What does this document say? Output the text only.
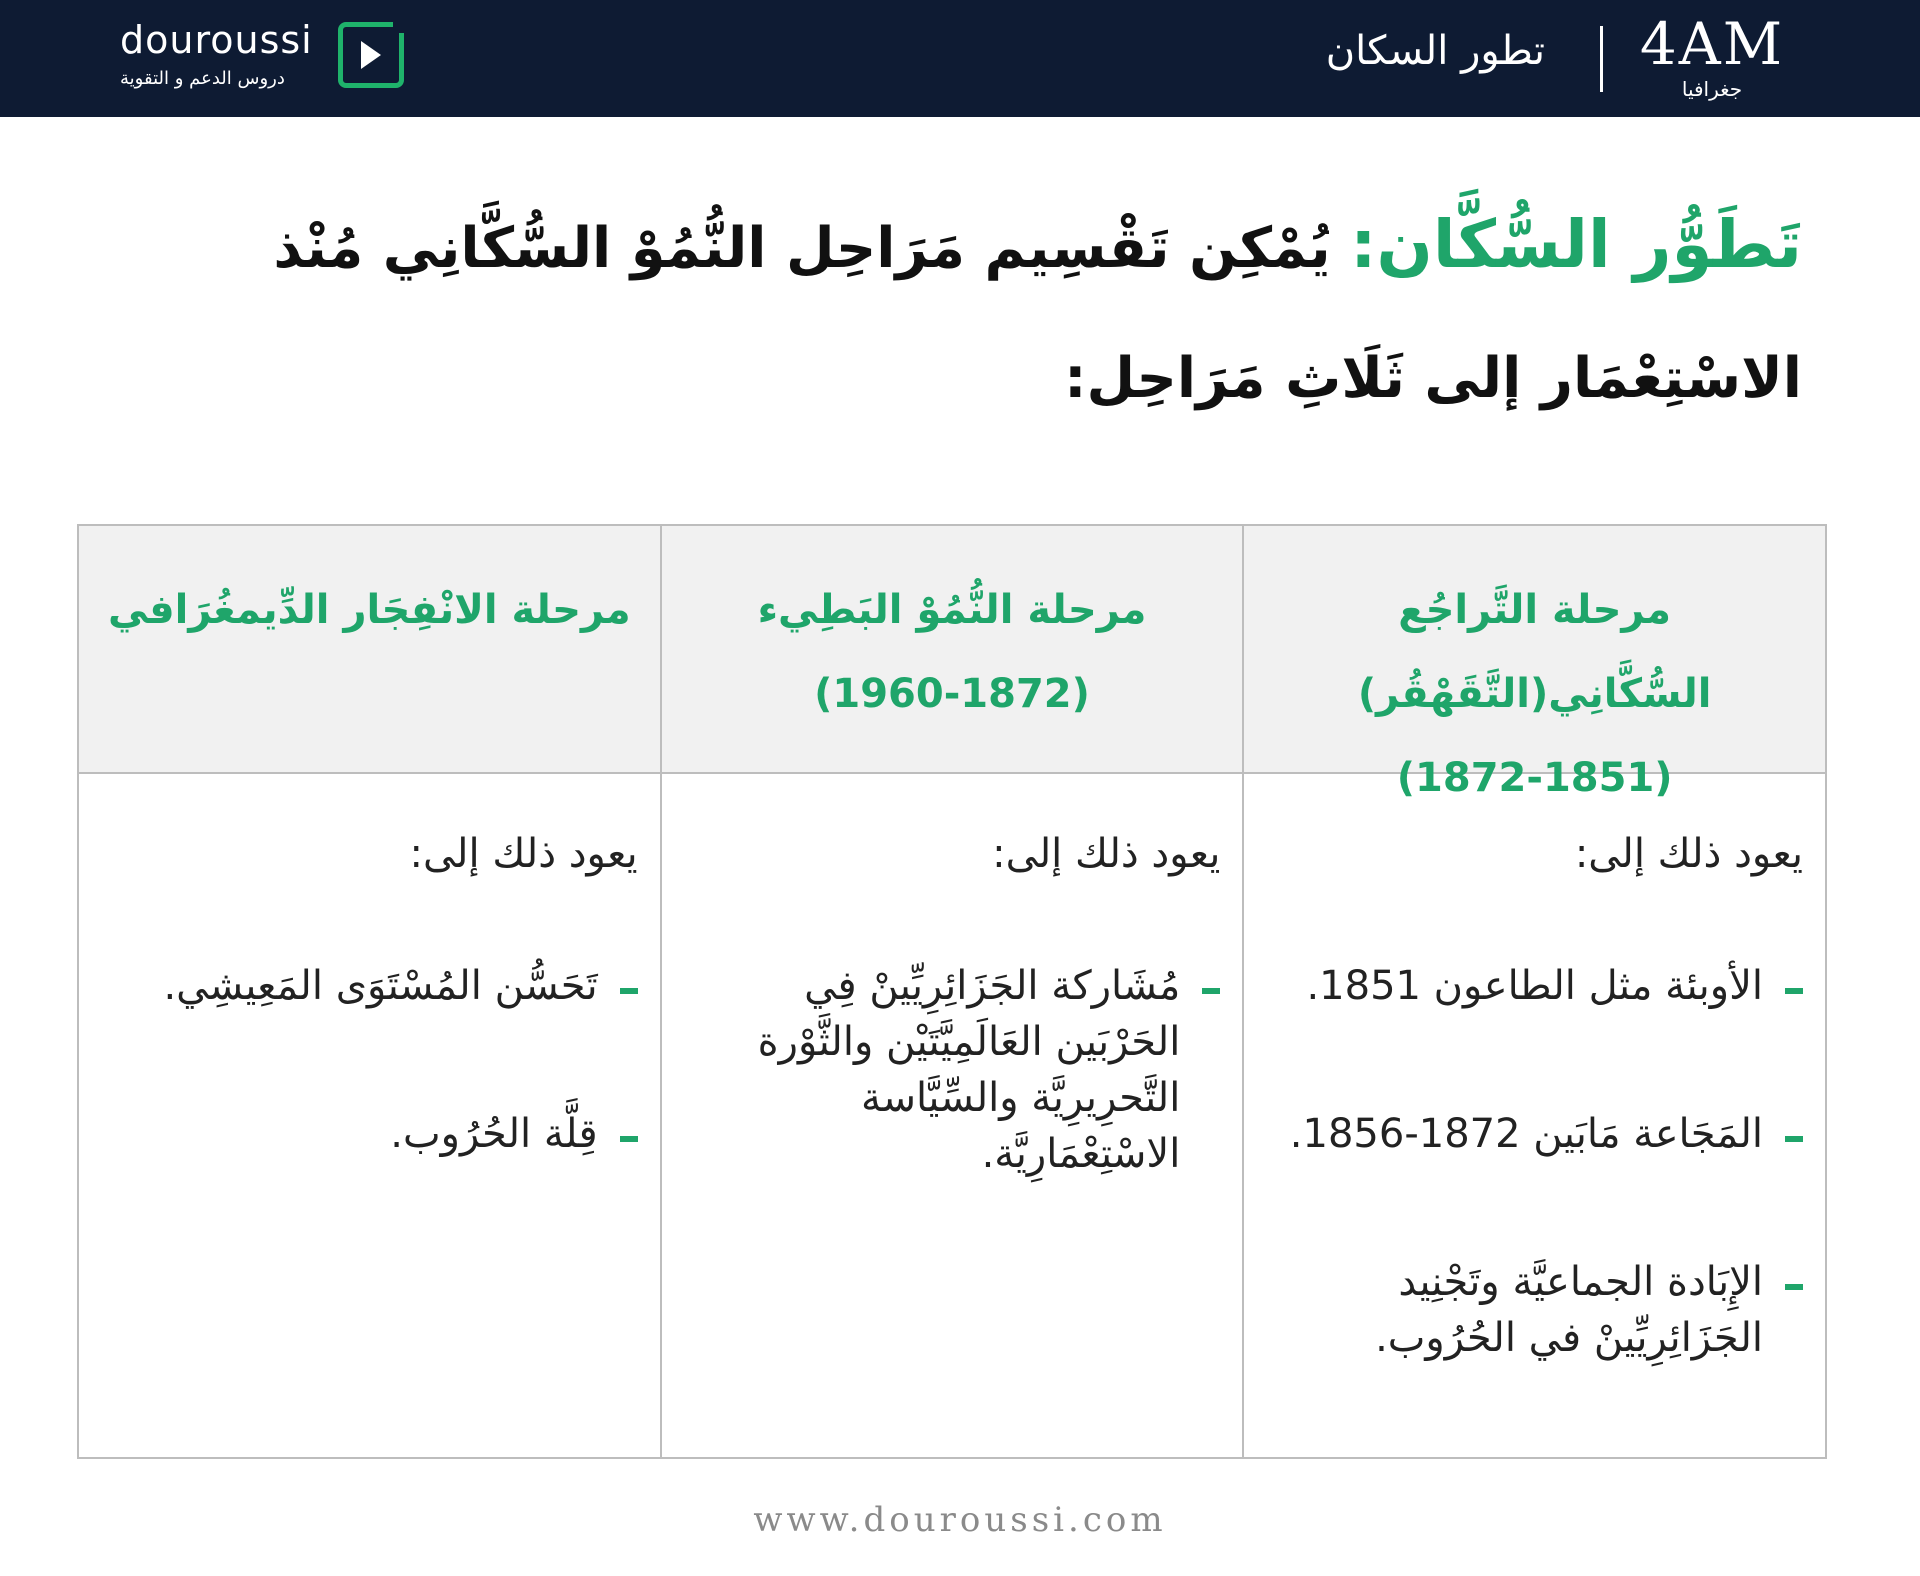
douroussi
دروس الدعم و التقوية
تطور السكان 4AM
جغرافيا
تَطَوُّر السُّكَّان: يُمْكِن تَقْسِيم مَرَاحِل النُّمُوْ السُّكَّانِي مُنْذ الاسْتِعْمَار إلى ثَلَاثِ مَرَاحِل:
مرحلة التَّراجُع السُّكَّانِي(التَّقَهْقُر)
(1872-1851)
يعود ذلك إلى:
الأوبئة مثل الطاعون 1851.
المَجَاعة مَابَين 1872-1856.
الإِبَادة الجماعيَّة وتَجْنِيد الجَزَائِرِيِّينْ في الحُرُوب.
مرحلة النُّمُوْ البَطِيء
(1960-1872)
يعود ذلك إلى:
مُشَاركة الجَزَائِرِيِّينْ فِي الحَرْبَين العَالَمِيَّتَيْن والثَّوْرة التَّحرِيرِيَّة والسِّيَّاسة الاسْتِعْمَارِيَّة.
مرحلة الانْفِجَار الدِّيمغُرَافي
يعود ذلك إلى:
تَحَسُّن المُسْتَوَى المَعِيشِي.
قِلَّة الحُرُوب.
www.douroussi.com
